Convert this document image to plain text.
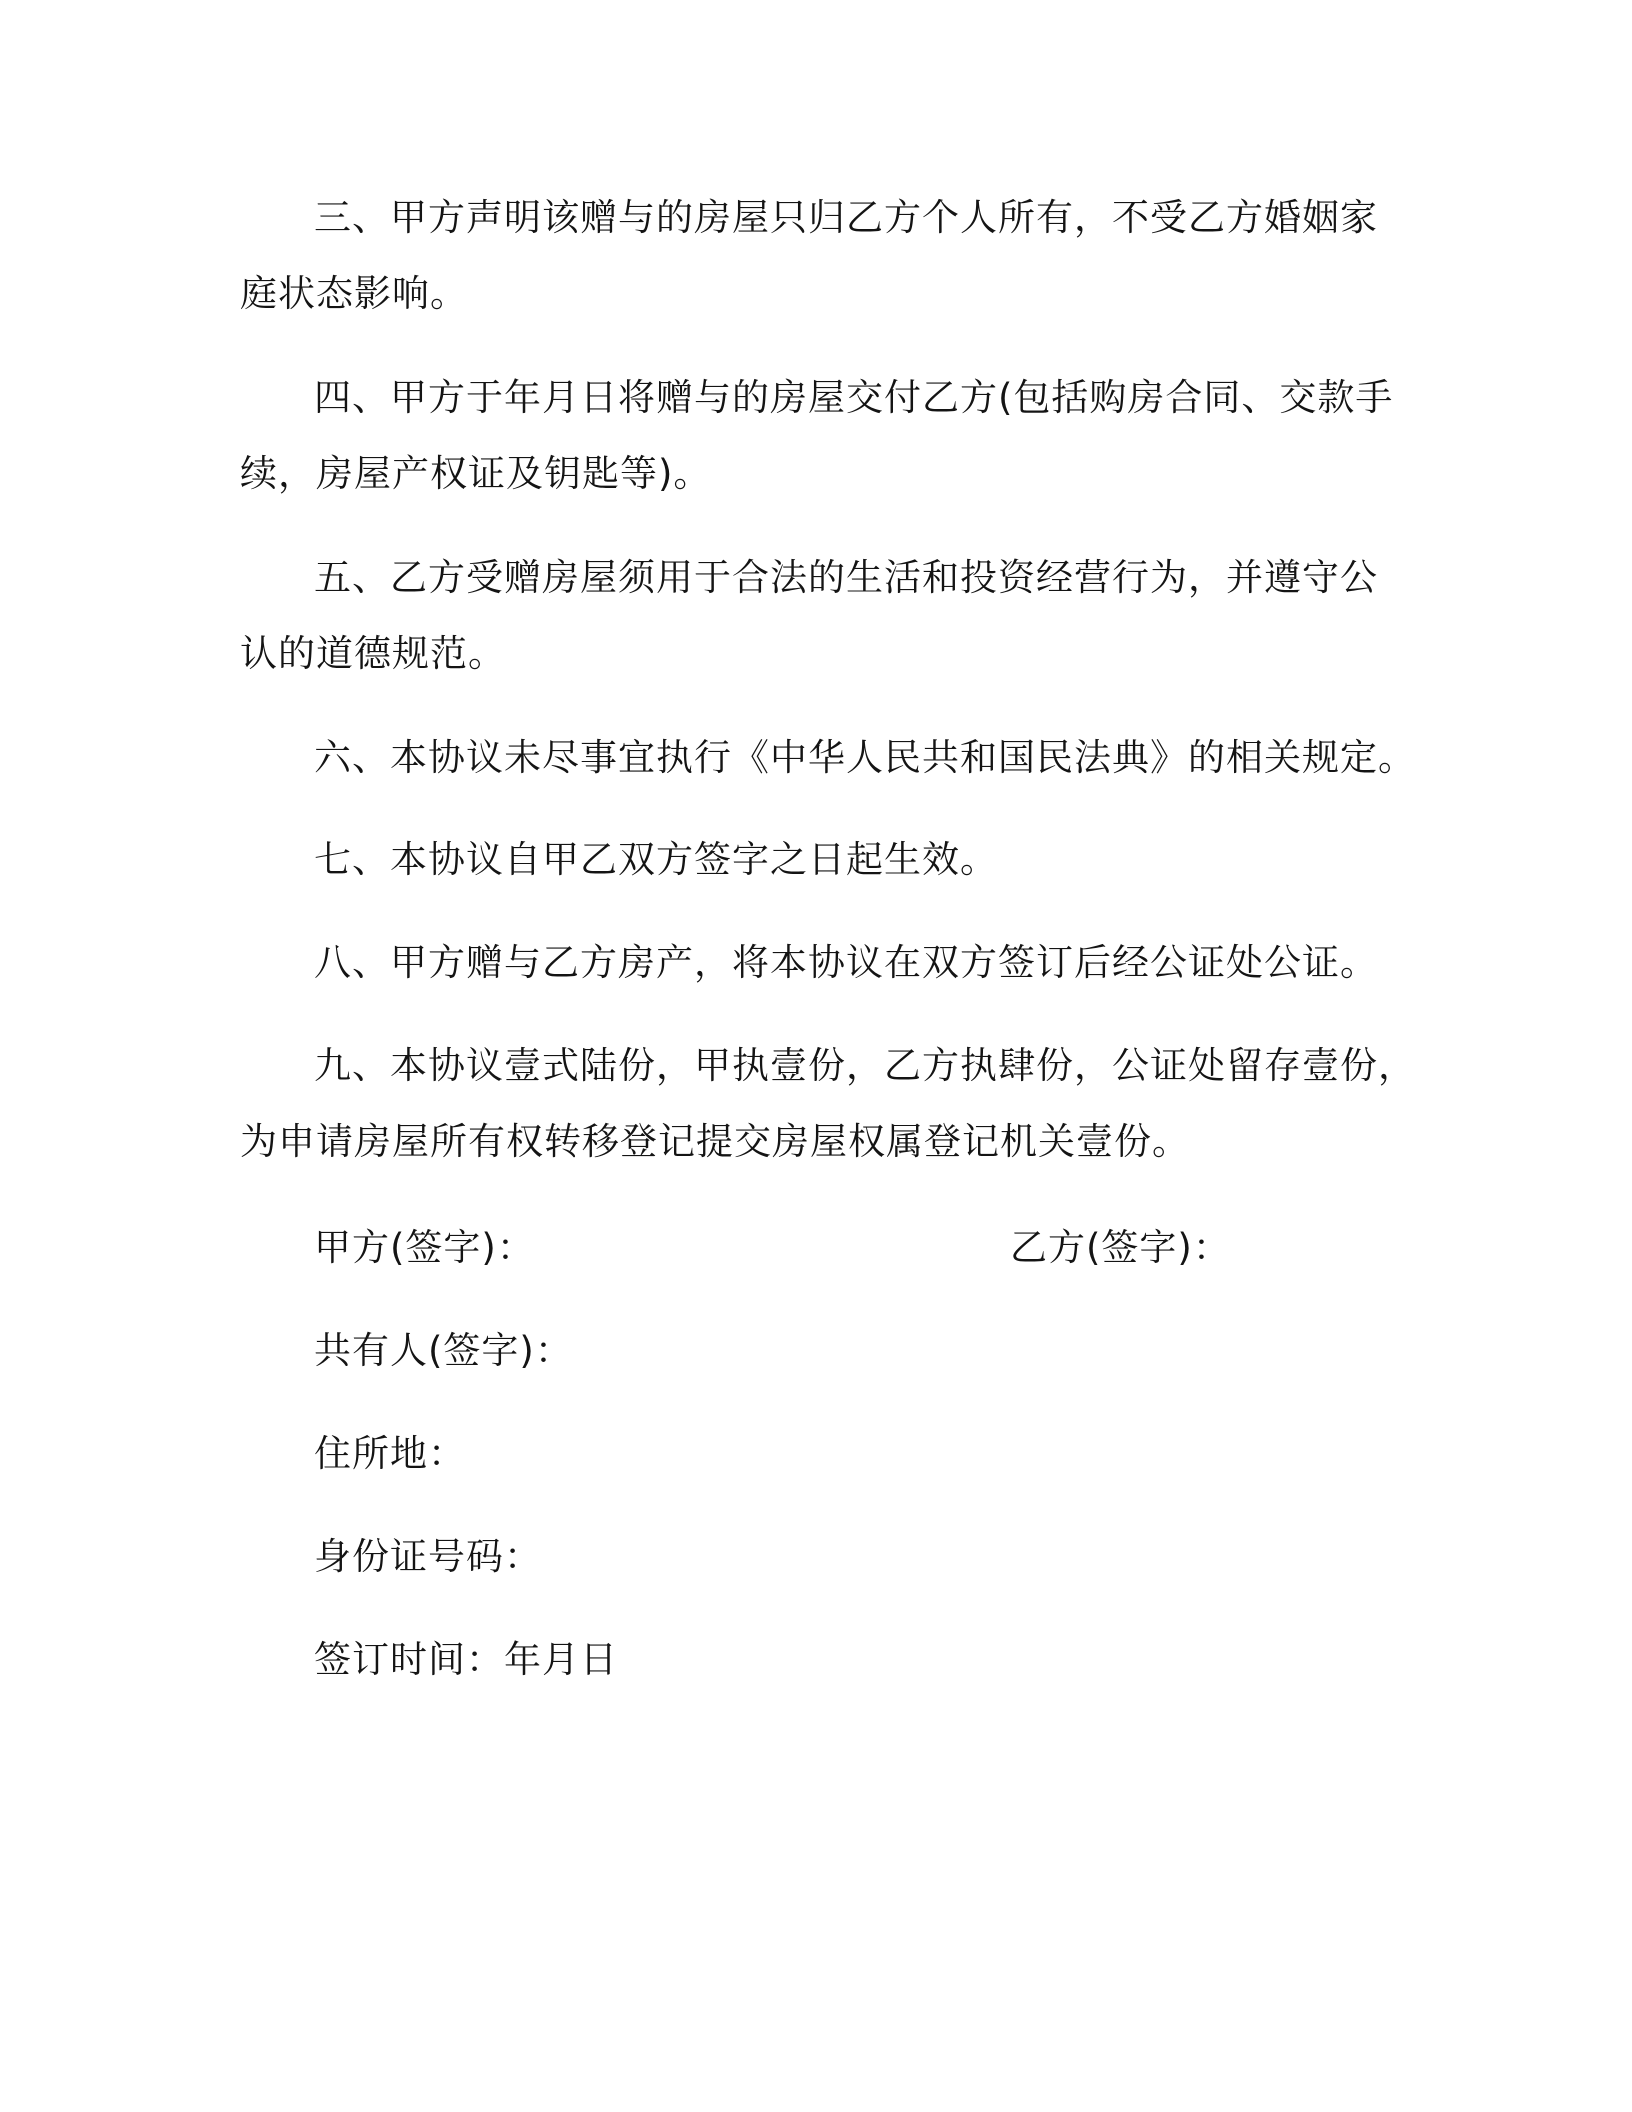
三、甲方声明该赠与的房屋只归乙方个人所有，不受乙方婚姻家
庭状态影响。
四、甲方于年月日将赠与的房屋交付乙方(包括购房合同、交款手
续，房屋产权证及钥匙等)。
五、乙方受赠房屋须用于合法的生活和投资经营行为，并遵守公
认的道德规范。
六、本协议未尽事宜执行《中华人民共和国民法典》的相关规定。
七、本协议自甲乙双方签字之日起生效。
八、甲方赠与乙方房产，将本协议在双方签订后经公证处公证。
九、本协议壹式陆份，甲执壹份，乙方执肆份，公证处留存壹份，
为申请房屋所有权转移登记提交房屋权属登记机关壹份。
甲方(签字)：	乙方(签字)：
共有人(签字)：
住所地：
身份证号码：
签订时间：年月日
